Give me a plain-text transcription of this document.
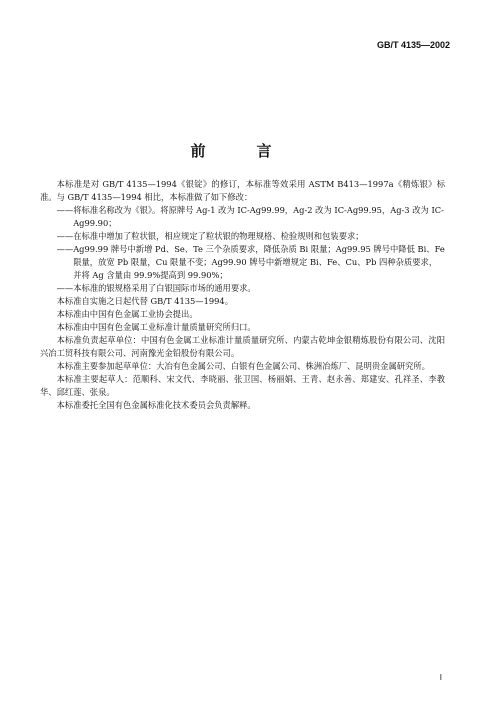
GB/T 4135—2002
前　言

本标准是对 GB/T 4135—1994《银锭》的修订，本标准等效采用 ASTM B413—1997a《精炼银》标准。与 GB/T 4135—1994 相比，本标准做了如下修改：

——将标准名称改为《银》。将原牌号 Ag-1 改为 IC-Ag99.99，Ag-2 改为 IC-Ag99.95，Ag-3 改为 IC-Ag99.90；

——在标准中增加了粒状银，相应规定了粒状银的物理规格、检验规则和包装要求；

——Ag99.99 牌号中新增 Pd、Se、Te 三个杂质要求，降低杂质 Bi 限量；Ag99.95 牌号中降低 Bi、Fe 限量，放宽 Pb 限量，Cu 限量不变；Ag99.90 牌号中新增规定 Bi、Fe、Cu、Pb 四种杂质要求，并将 Ag 含量由 99.9%提高到 99.90%；

——本标准的银规格采用了白银国际市场的通用要求。

本标准自实施之日起代替 GB/T 4135—1994。

本标准由中国有色金属工业协会提出。

本标准由中国有色金属工业标准计量质量研究所归口。

本标准负责起草单位：中国有色金属工业标准计量质量研究所、内蒙古乾坤金银精炼股份有限公司、沈阳兴冶工贸科技有限公司、河南豫光金铅股份有限公司。

本标准主要参加起草单位：大冶有色金属公司、白银有色金属公司、株洲冶炼厂、昆明贵金属研究所。

本标准主要起草人：范顺科、宋文代、李晓丽、张卫国、杨丽娟、王青、赵永善、郑建安、孔祥圣、李教华、邱红莲、张泉。

本标准委托全国有色金属标准化技术委员会负责解释。

I
